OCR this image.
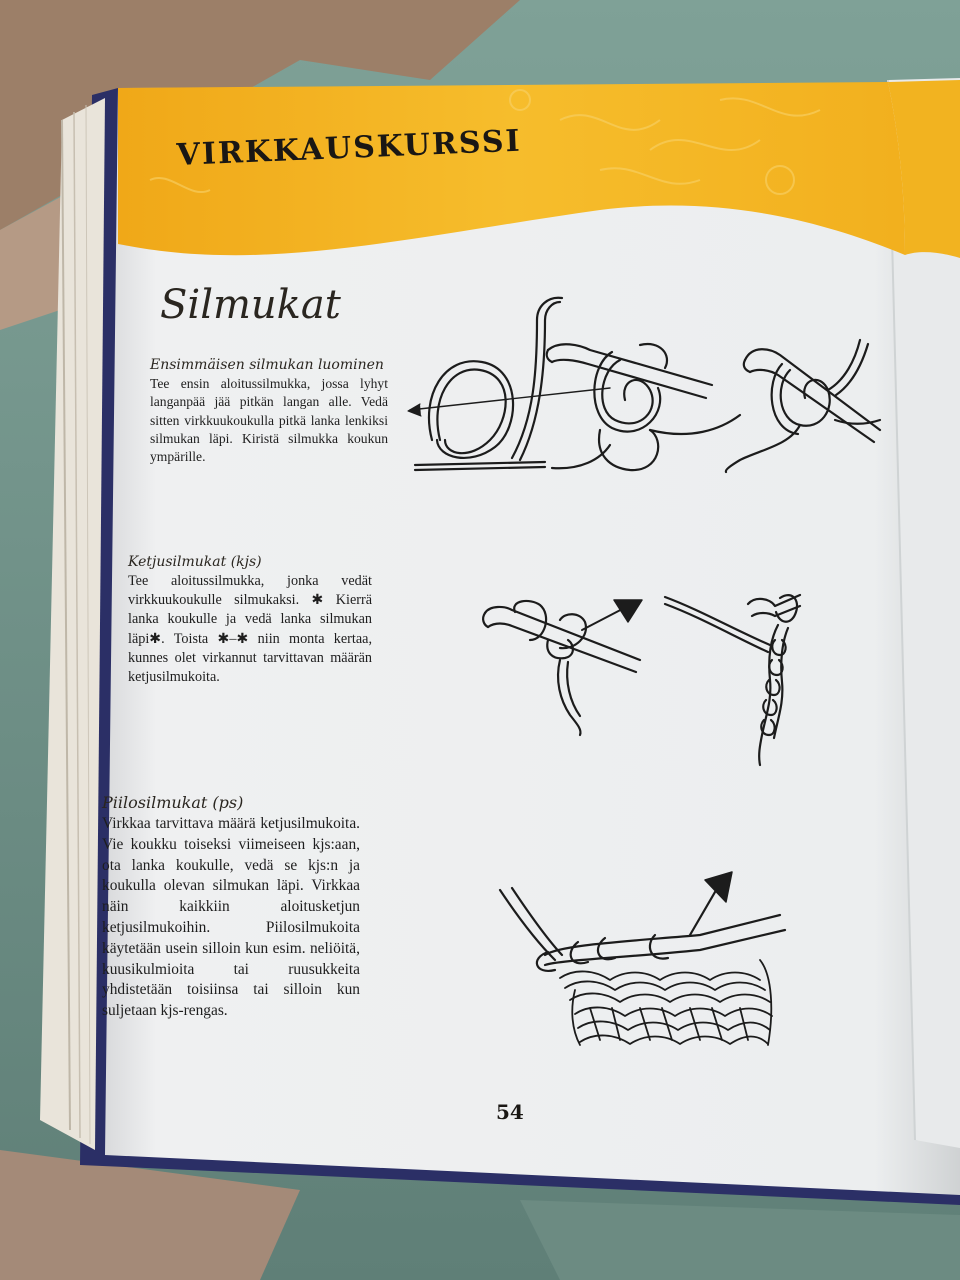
VIRKKAUSKURSSI
Silmukat
Ensimmäisen silmukan luominen

Tee ensin aloitussilmukka, jossa lyhyt langanpää jää pitkän langan alle. Vedä sitten virkkuukoukulla pitkä lanka lenkiksi silmukan läpi. Kiristä silmukka koukun ympärille.

Ketjusilmukat (kjs)

Tee aloitussilmukka, jonka vedät virkkuukoukulle silmukaksi. ✱ Kierrä lanka koukulle ja vedä lanka silmukan läpi✱. Toista ✱–✱ niin monta kertaa, kunnes olet virkannut tarvittavan määrän ketjusilmukoita.

Piilosilmukat (ps)

Virkkaa tarvittava määrä ketjusilmukoita. Vie koukku toiseksi viimeiseen kjs:aan, ota lanka koukulle, vedä se kjs:n ja koukulla olevan silmukan läpi. Virkkaa näin kaikkiin aloitusketjun ketjusilmukoihin. Piilosilmukoita käytetään usein silloin kun esim. neliöitä, kuusikulmioita tai ruusukkeita yhdistetään toisiinsa tai silloin kun suljetaan kjs-rengas.

54
